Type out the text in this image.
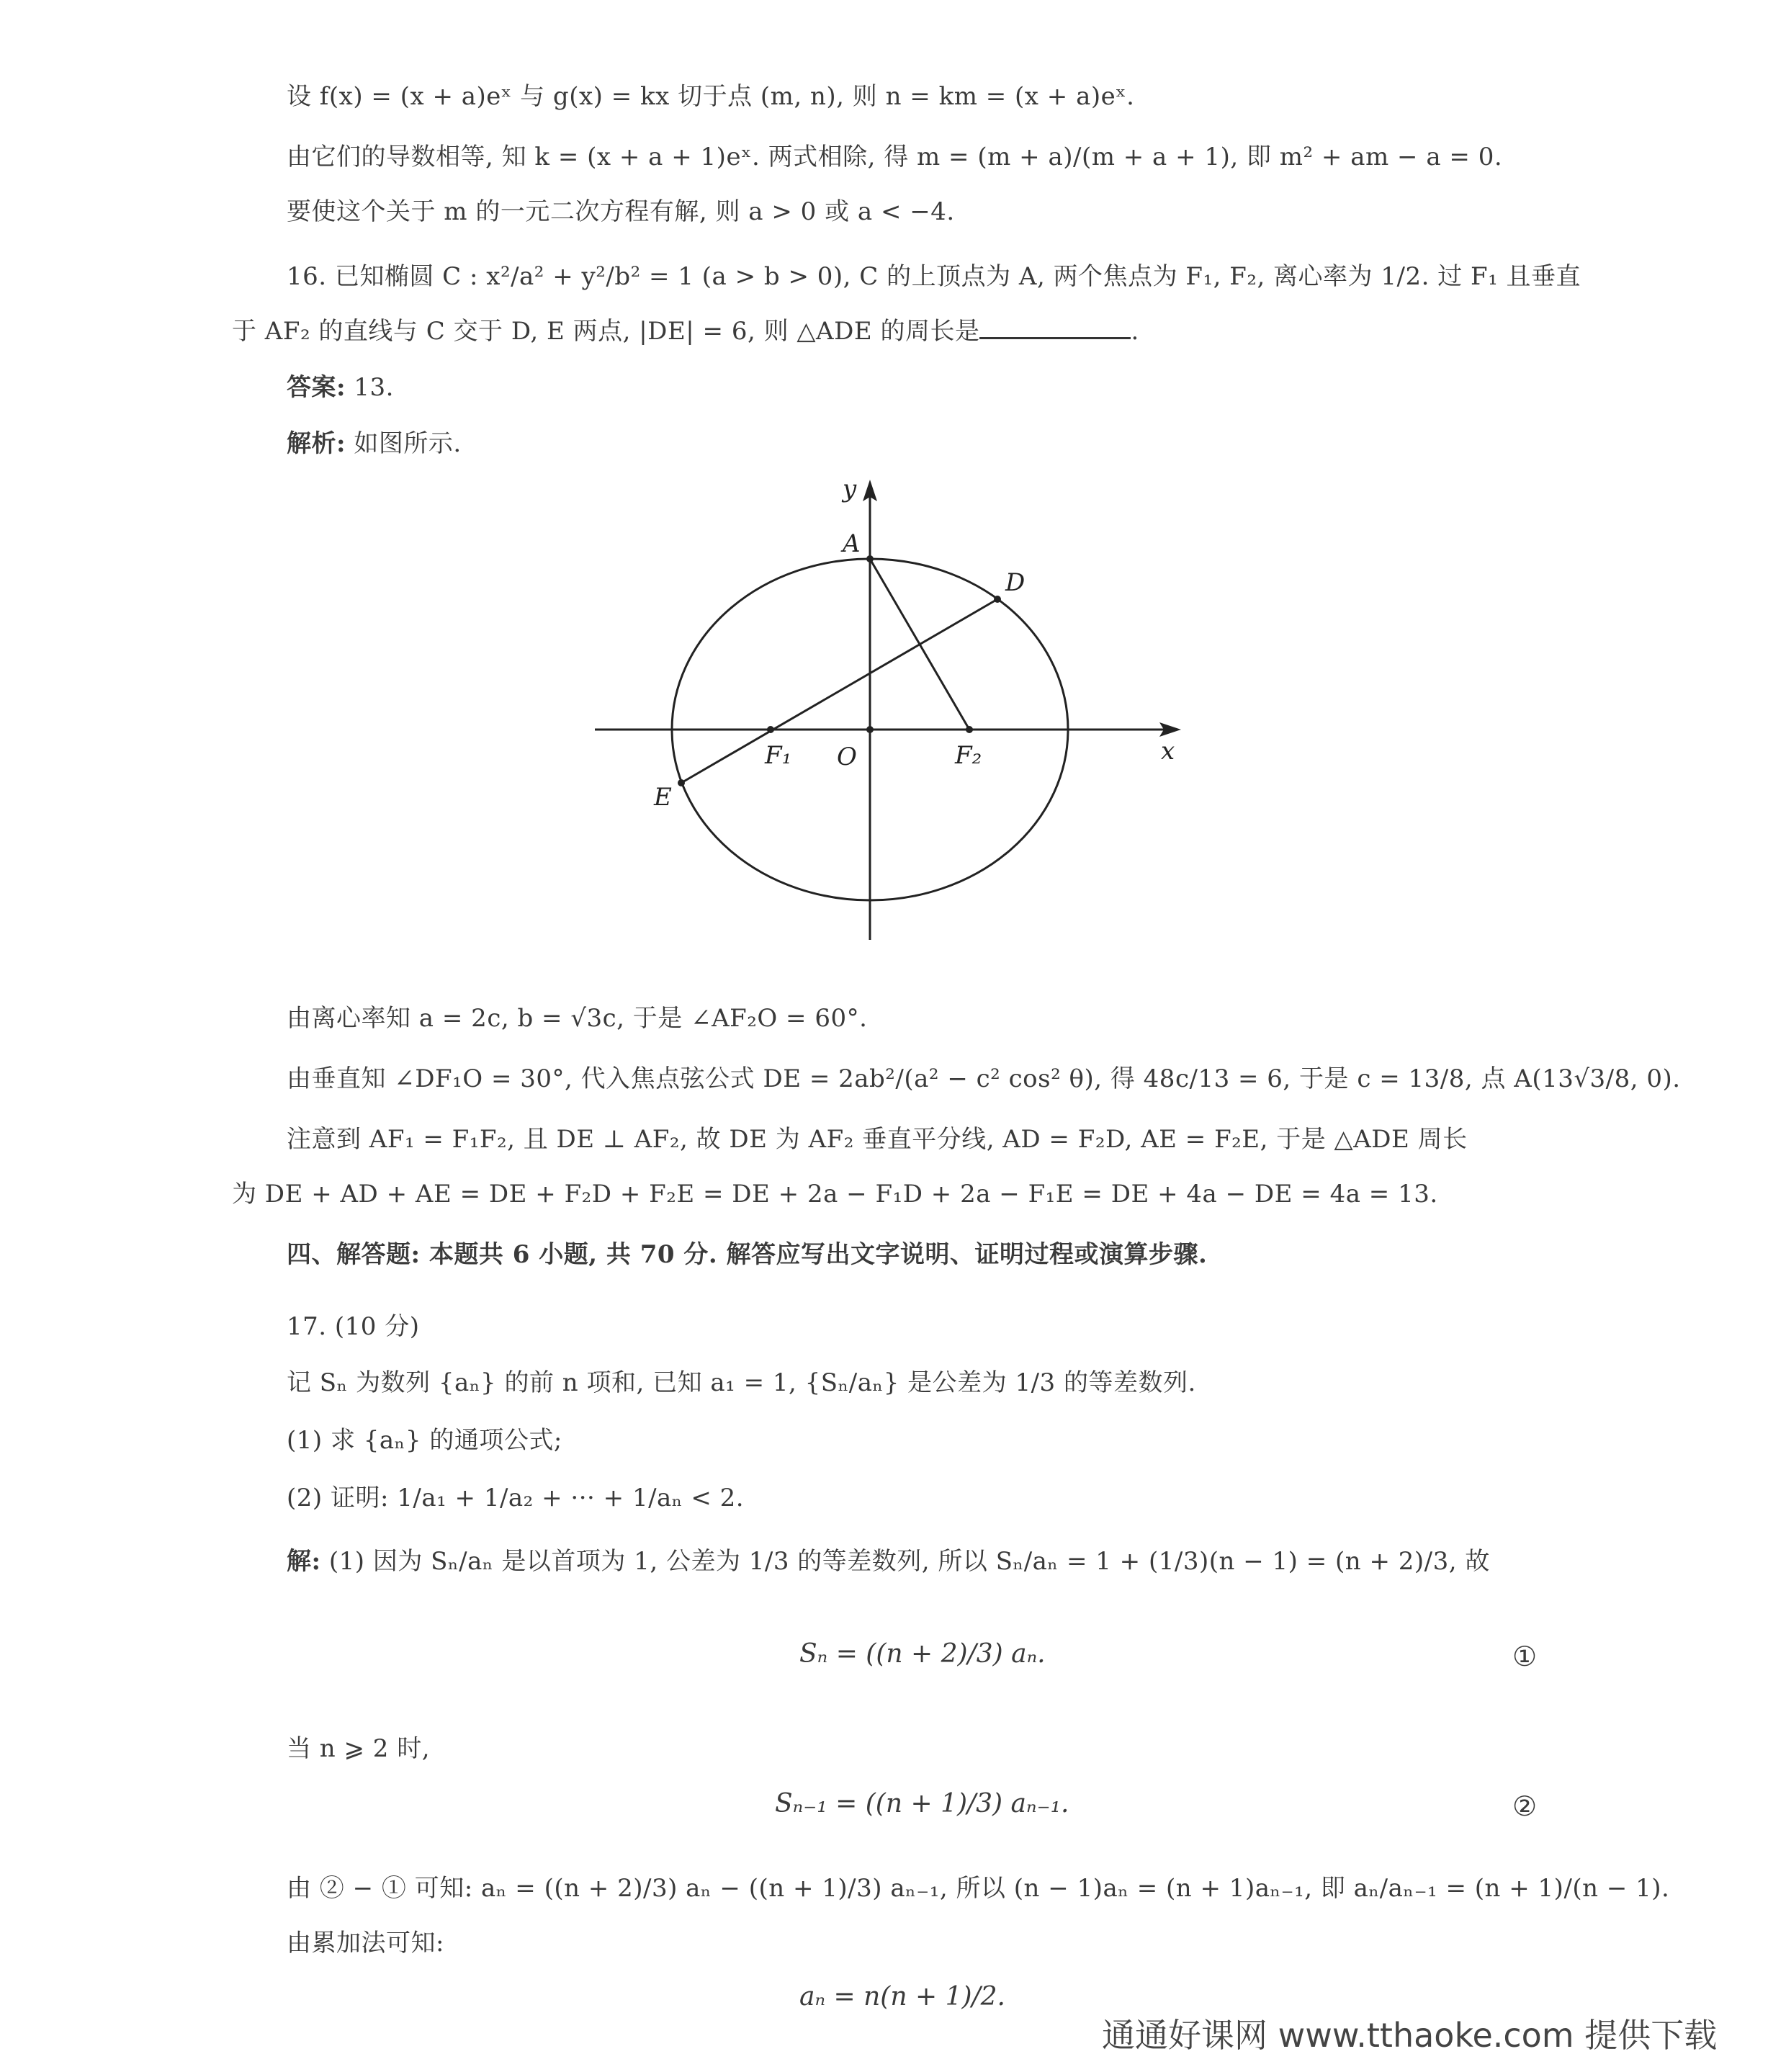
设 f(x) = (x + a)eˣ 与 g(x) = kx 切于点 (m, n), 则 n = km = (x + a)eˣ.
由它们的导数相等, 知 k = (x + a + 1)eˣ. 两式相除, 得 m = (m + a)/(m + a + 1), 即 m² + am − a = 0.
要使这个关于 m 的一元二次方程有解, 则 a > 0 或 a < −4.
16. 已知椭圆 C : x²/a² + y²/b² = 1 (a > b > 0), C 的上顶点为 A, 两个焦点为 F₁, F₂, 离心率为 1/2. 过 F₁ 且垂直
于 AF₂ 的直线与 C 交于 D, E 两点, |DE| = 6, 则 △ADE 的周长是	.
答案: 13.
解析: 如图所示.
y
x
A
D
E
F₁ O	F₂
由离心率知 a = 2c, b = √3c, 于是 ∠AF₂O = 60°.
由垂直知 ∠DF₁O = 30°, 代入焦点弦公式 DE = 2ab²/(a² − c² cos² θ), 得 48c/13 = 6, 于是 c = 13/8, 点 A(13√3/8, 0).
注意到 AF₁ = F₁F₂, 且 DE ⊥ AF₂, 故 DE 为 AF₂ 垂直平分线, AD = F₂D, AE = F₂E, 于是 △ADE 周长
为 DE + AD + AE = DE + F₂D + F₂E = DE + 2a − F₁D + 2a − F₁E = DE + 4a − DE = 4a = 13.
四、解答题: 本题共 6 小题, 共 70 分. 解答应写出文字说明、证明过程或演算步骤.
17. (10 分)
记 Sₙ 为数列 {aₙ} 的前 n 项和, 已知 a₁ = 1, {Sₙ/aₙ} 是公差为 1/3 的等差数列.
(1) 求 {aₙ} 的通项公式;
(2) 证明: 1/a₁ + 1/a₂ + ··· + 1/aₙ < 2.
解: (1) 因为 Sₙ/aₙ 是以首项为 1, 公差为 1/3 的等差数列, 所以 Sₙ/aₙ = 1 + (1/3)(n − 1) = (n + 2)/3, 故
Sₙ = ((n + 2)/3) aₙ.	①
当 n ⩾ 2 时,
Sₙ₋₁ = ((n + 1)/3) aₙ₋₁.	②
由 ② − ① 可知: aₙ = ((n + 2)/3) aₙ − ((n + 1)/3) aₙ₋₁, 所以 (n − 1)aₙ = (n + 1)aₙ₋₁, 即 aₙ/aₙ₋₁ = (n + 1)/(n − 1).
由累加法可知:
aₙ = n(n + 1)/2.
通通好课网 www.tthaoke.com 提供下载
